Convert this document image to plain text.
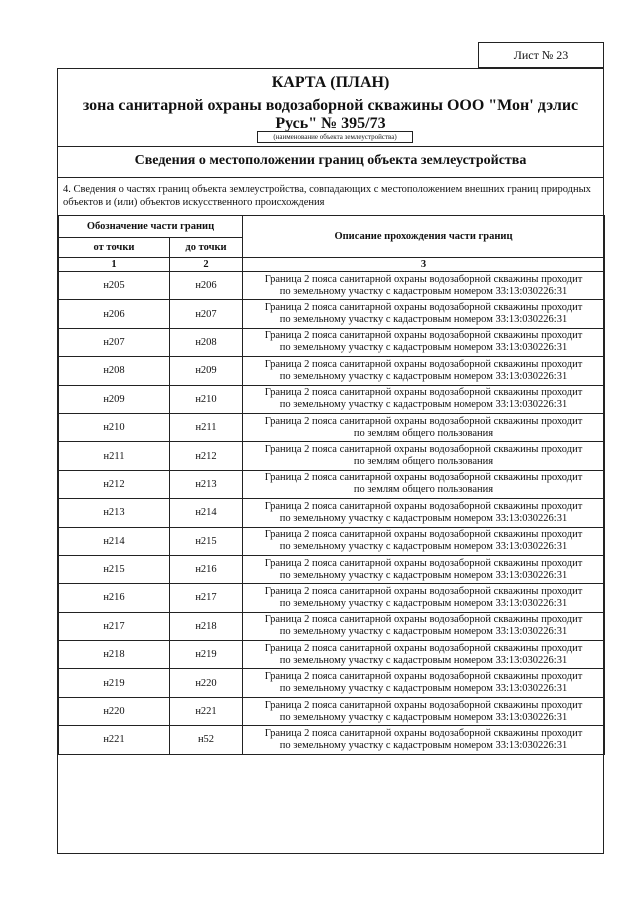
Лист № 23
КАРТА (ПЛАН)
зона санитарной охраны водозаборной скважины ООО "Мон' дэлис Русь" № 395/73
(наименование объекта землеустройства)
Сведения о местоположении границ объекта землеустройства
4. Сведения о частях границ объекта землеустройства, совпадающих с местоположением внешних границ природных объектов и (или) объектов искусственного происхождения
Обозначение части границ		Описание прохождения части границ
от точки	до точки	
1	2	3
н205	н206	Граница 2 пояса санитарной охраны водозаборной скважины проходит
по земельному участку с кадастровым номером 33:13:030226:31

н206	н207	Граница 2 пояса санитарной охраны водозаборной скважины проходит
по земельному участку с кадастровым номером 33:13:030226:31

н207	н208	Граница 2 пояса санитарной охраны водозаборной скважины проходит
по земельному участку с кадастровым номером 33:13:030226:31

н208	н209	Граница 2 пояса санитарной охраны водозаборной скважины проходит
по земельному участку с кадастровым номером 33:13:030226:31

н209	н210	Граница 2 пояса санитарной охраны водозаборной скважины проходит
по земельному участку с кадастровым номером 33:13:030226:31

н210	н211	Граница 2 пояса санитарной охраны водозаборной скважины проходит
по землям общего пользования

н211	н212	Граница 2 пояса санитарной охраны водозаборной скважины проходит
по землям общего пользования

н212	н213	Граница 2 пояса санитарной охраны водозаборной скважины проходит
по землям общего пользования

н213	н214	Граница 2 пояса санитарной охраны водозаборной скважины проходит
по земельному участку с кадастровым номером 33:13:030226:31

н214	н215	Граница 2 пояса санитарной охраны водозаборной скважины проходит
по земельному участку с кадастровым номером 33:13:030226:31

н215	н216	Граница 2 пояса санитарной охраны водозаборной скважины проходит
по земельному участку с кадастровым номером 33:13:030226:31

н216	н217	Граница 2 пояса санитарной охраны водозаборной скважины проходит
по земельному участку с кадастровым номером 33:13:030226:31

н217	н218	Граница 2 пояса санитарной охраны водозаборной скважины проходит
по земельному участку с кадастровым номером 33:13:030226:31

н218	н219	Граница 2 пояса санитарной охраны водозаборной скважины проходит
по земельному участку с кадастровым номером 33:13:030226:31

н219	н220	Граница 2 пояса санитарной охраны водозаборной скважины проходит
по земельному участку с кадастровым номером 33:13:030226:31

н220	н221	Граница 2 пояса санитарной охраны водозаборной скважины проходит
по земельному участку с кадастровым номером 33:13:030226:31

н221	н52	Граница 2 пояса санитарной охраны водозаборной скважины проходит
по земельному участку с кадастровым номером 33:13:030226:31
